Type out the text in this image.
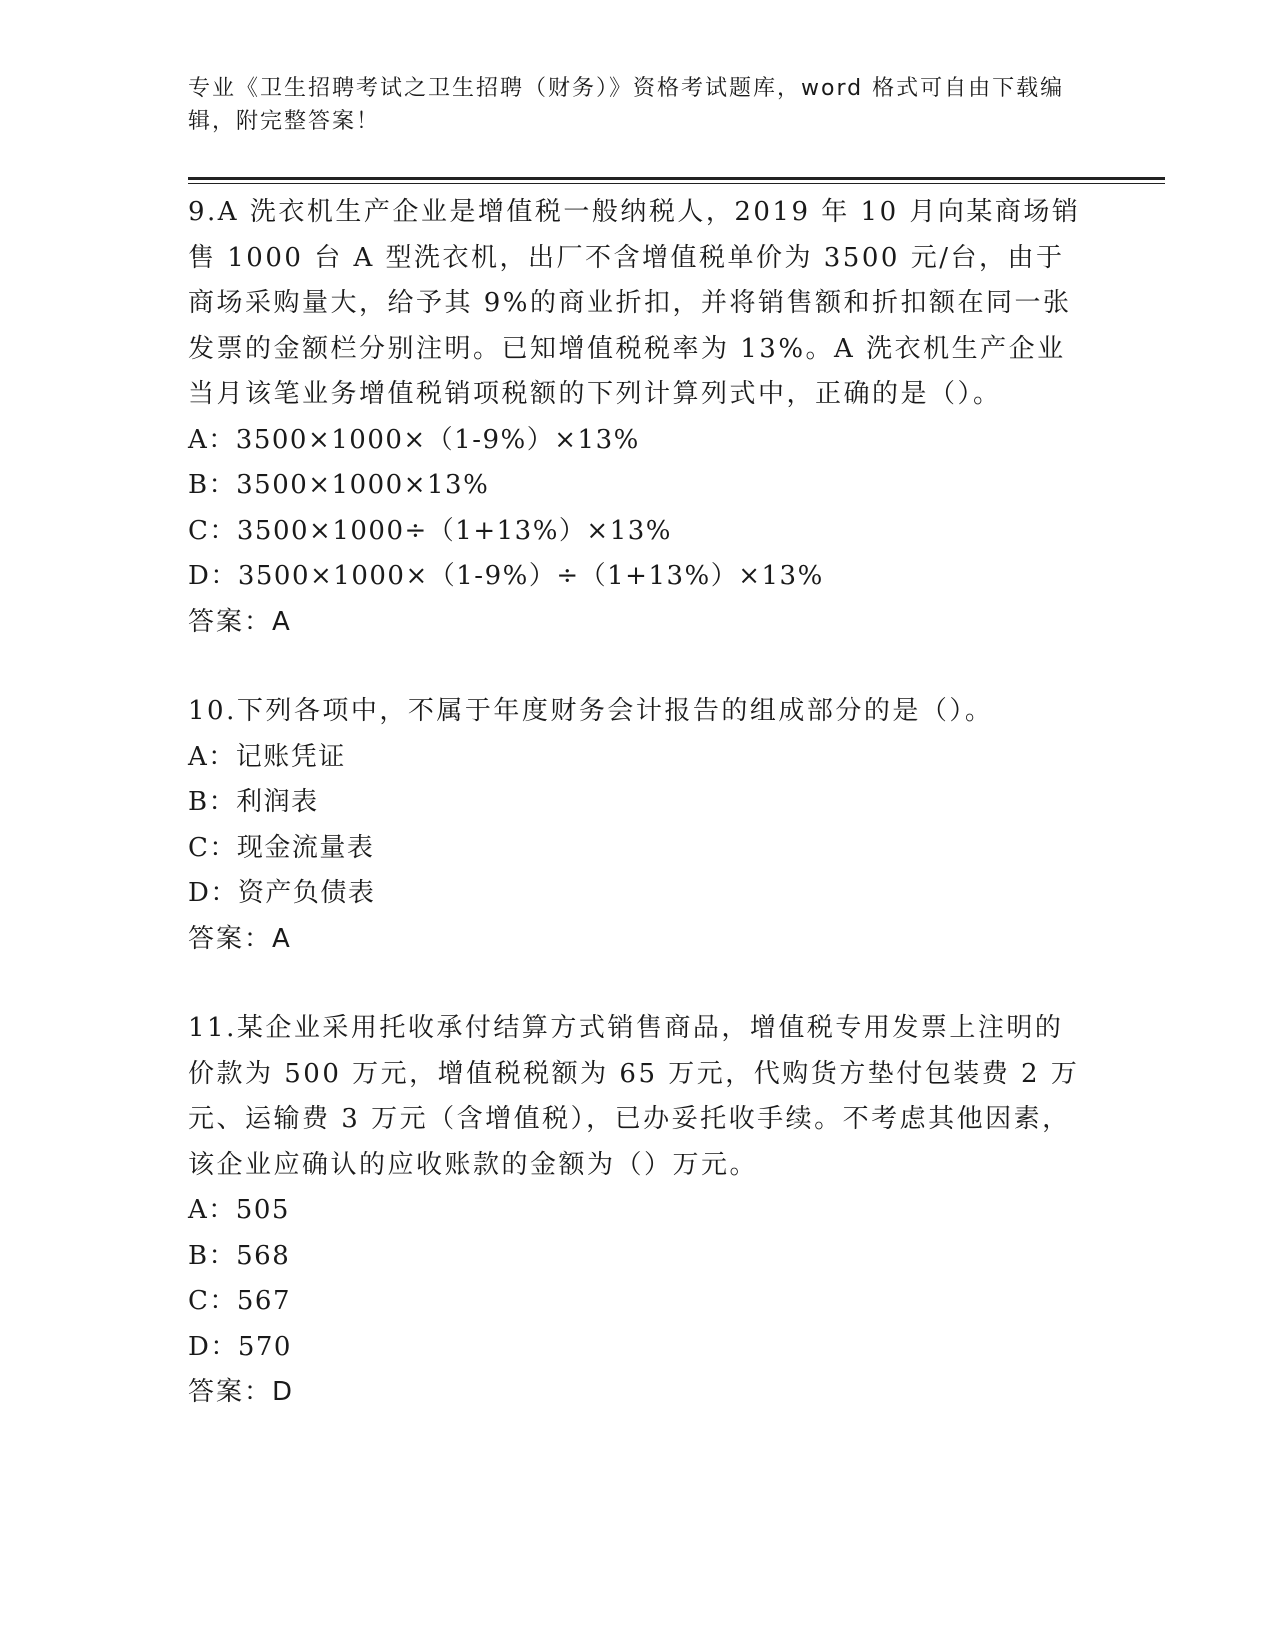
专业《卫生招聘考试之卫生招聘（财务）》资格考试题库，word 格式可自由下载编辑，附完整答案！

9.A 洗衣机生产企业是增值税一般纳税人，2019 年 10 月向某商场销售 1000 台 A 型洗衣机，出厂不含增值税单价为 3500 元/台，由于商场采购量大，给予其 9%的商业折扣，并将销售额和折扣额在同一张发票的金额栏分别注明。已知增值税税率为 13%。A 洗衣机生产企业当月该笔业务增值税销项税额的下列计算列式中，正确的是（）。

A：3500×1000×（1-9%）×13%

B：3500×1000×13%

C：3500×1000÷（1+13%）×13%

D：3500×1000×（1-9%）÷（1+13%）×13%

答案：A

10.下列各项中，不属于年度财务会计报告的组成部分的是（）。

A：记账凭证

B：利润表

C：现金流量表

D：资产负债表

答案：A

11.某企业采用托收承付结算方式销售商品，增值税专用发票上注明的价款为 500 万元，增值税税额为 65 万元，代购货方垫付包装费 2 万元、运输费 3 万元（含增值税），已办妥托收手续。不考虑其他因素，该企业应确认的应收账款的金额为（）万元。

A：505

B：568

C：567

D：570

答案：D
